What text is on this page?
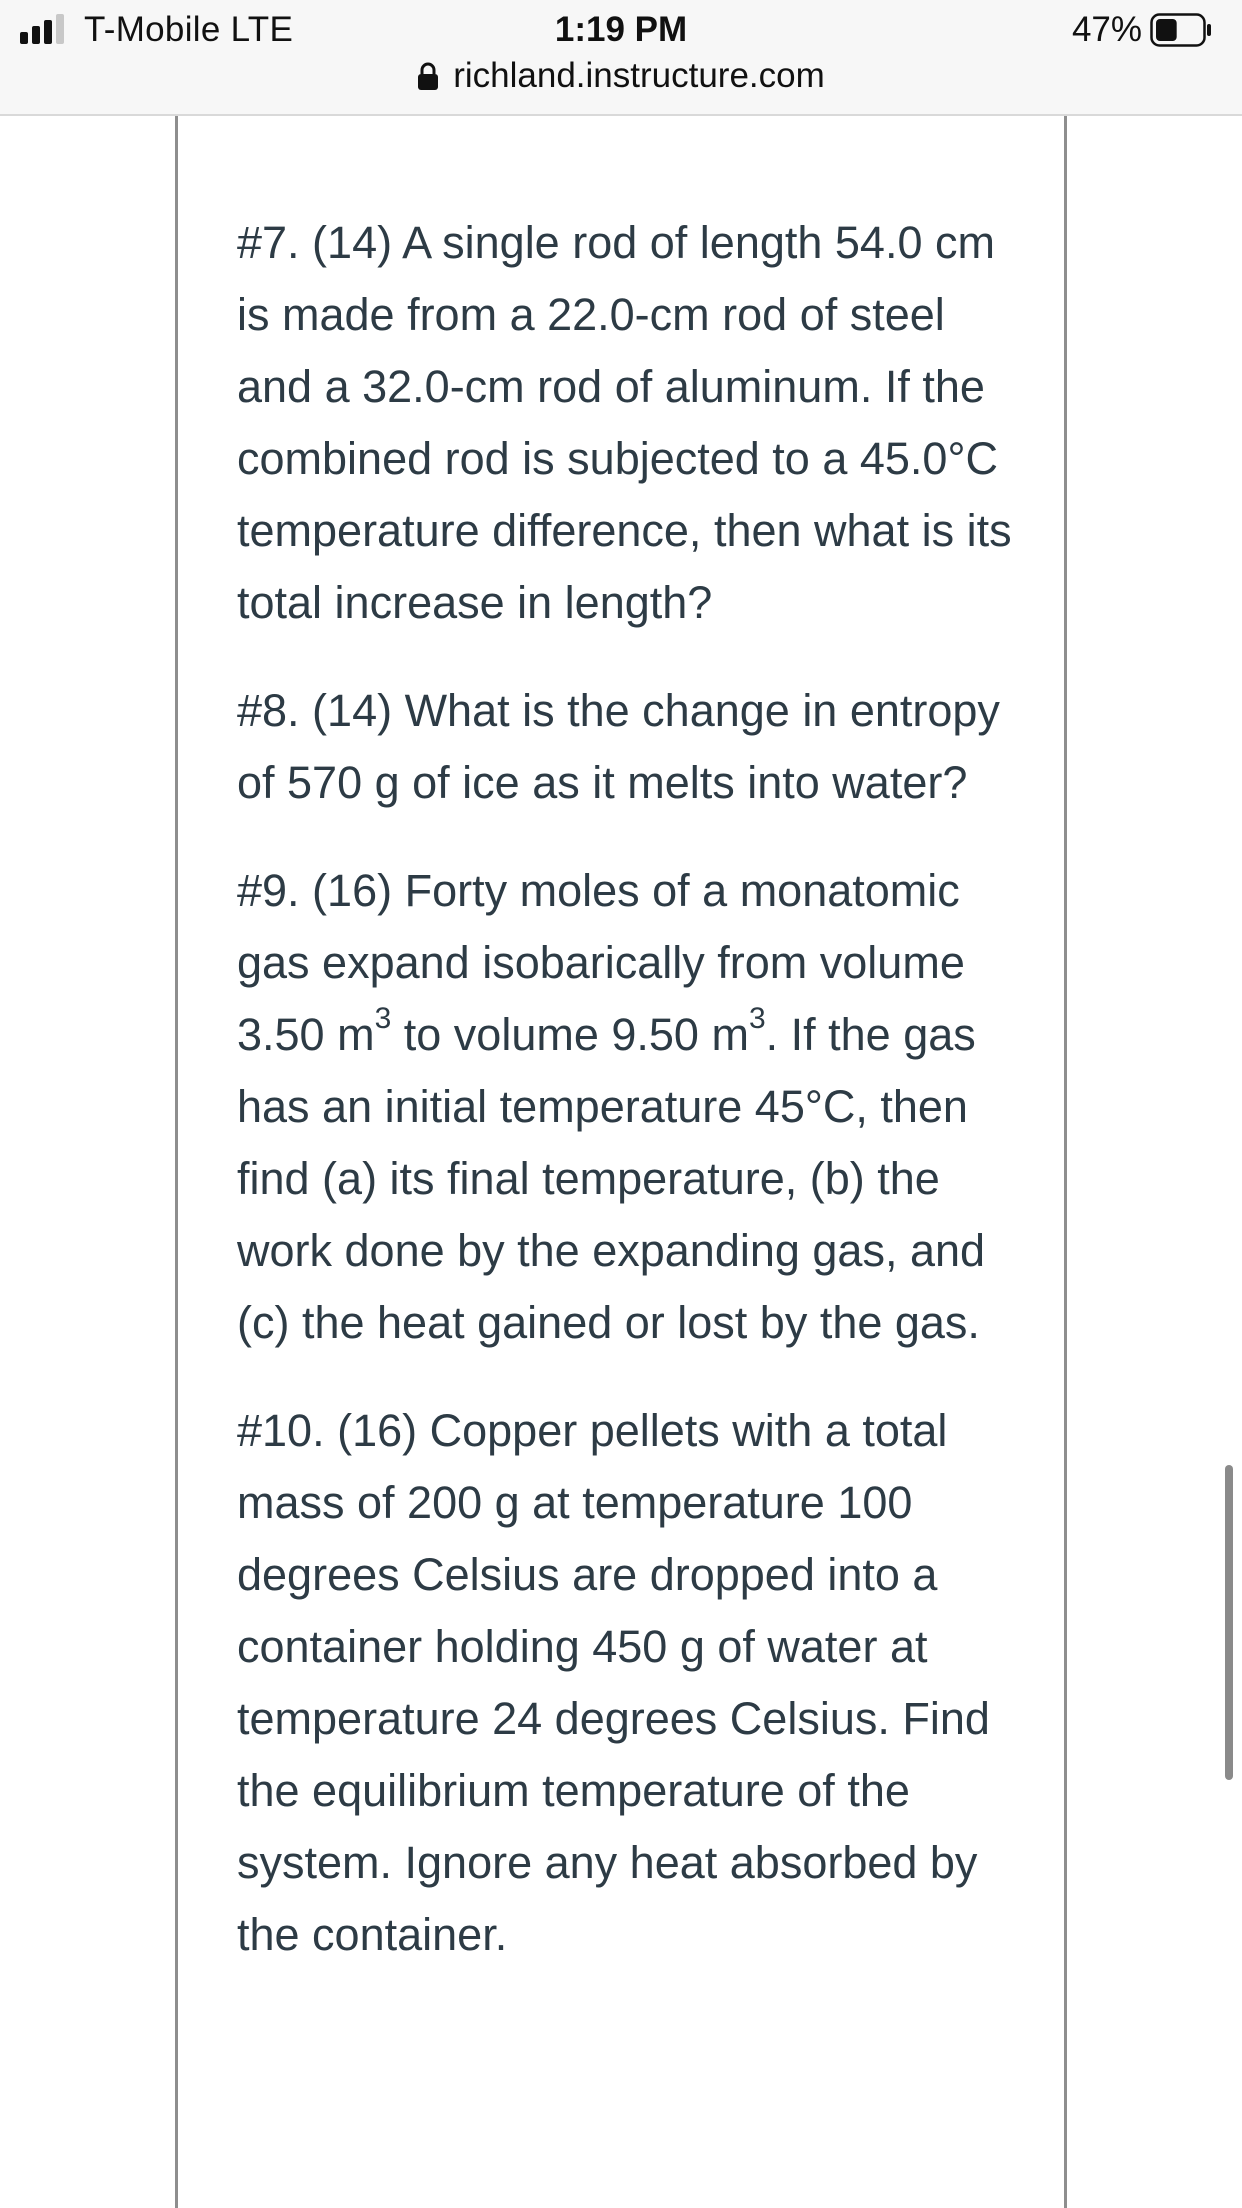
T-Mobile LTE	1:19 PM	47%
richland.instructure.com

#7. (14) A single rod of length 54.0 cm is made from a 22.0-cm rod of steel and a 32.0-cm rod of aluminum. If the combined rod is subjected to a 45.0°C temperature difference, then what is its total increase in length?

#8. (14) What is the change in entropy of 570 g of ice as it melts into water?

#9. (16) Forty moles of a monatomic gas expand isobarically from volume 3.50 $m^3$ to volume 9.50 $m^3$. If the gas has an initial temperature 45°C, then find (a) its final temperature, (b) the work done by the expanding gas, and (c) the heat gained or lost by the gas.

#10. (16) Copper pellets with a total mass of 200 g at temperature 100 degrees Celsius are dropped into a container holding 450 g of water at temperature 24 degrees Celsius. Find the equilibrium temperature of the system. Ignore any heat absorbed by the container.
